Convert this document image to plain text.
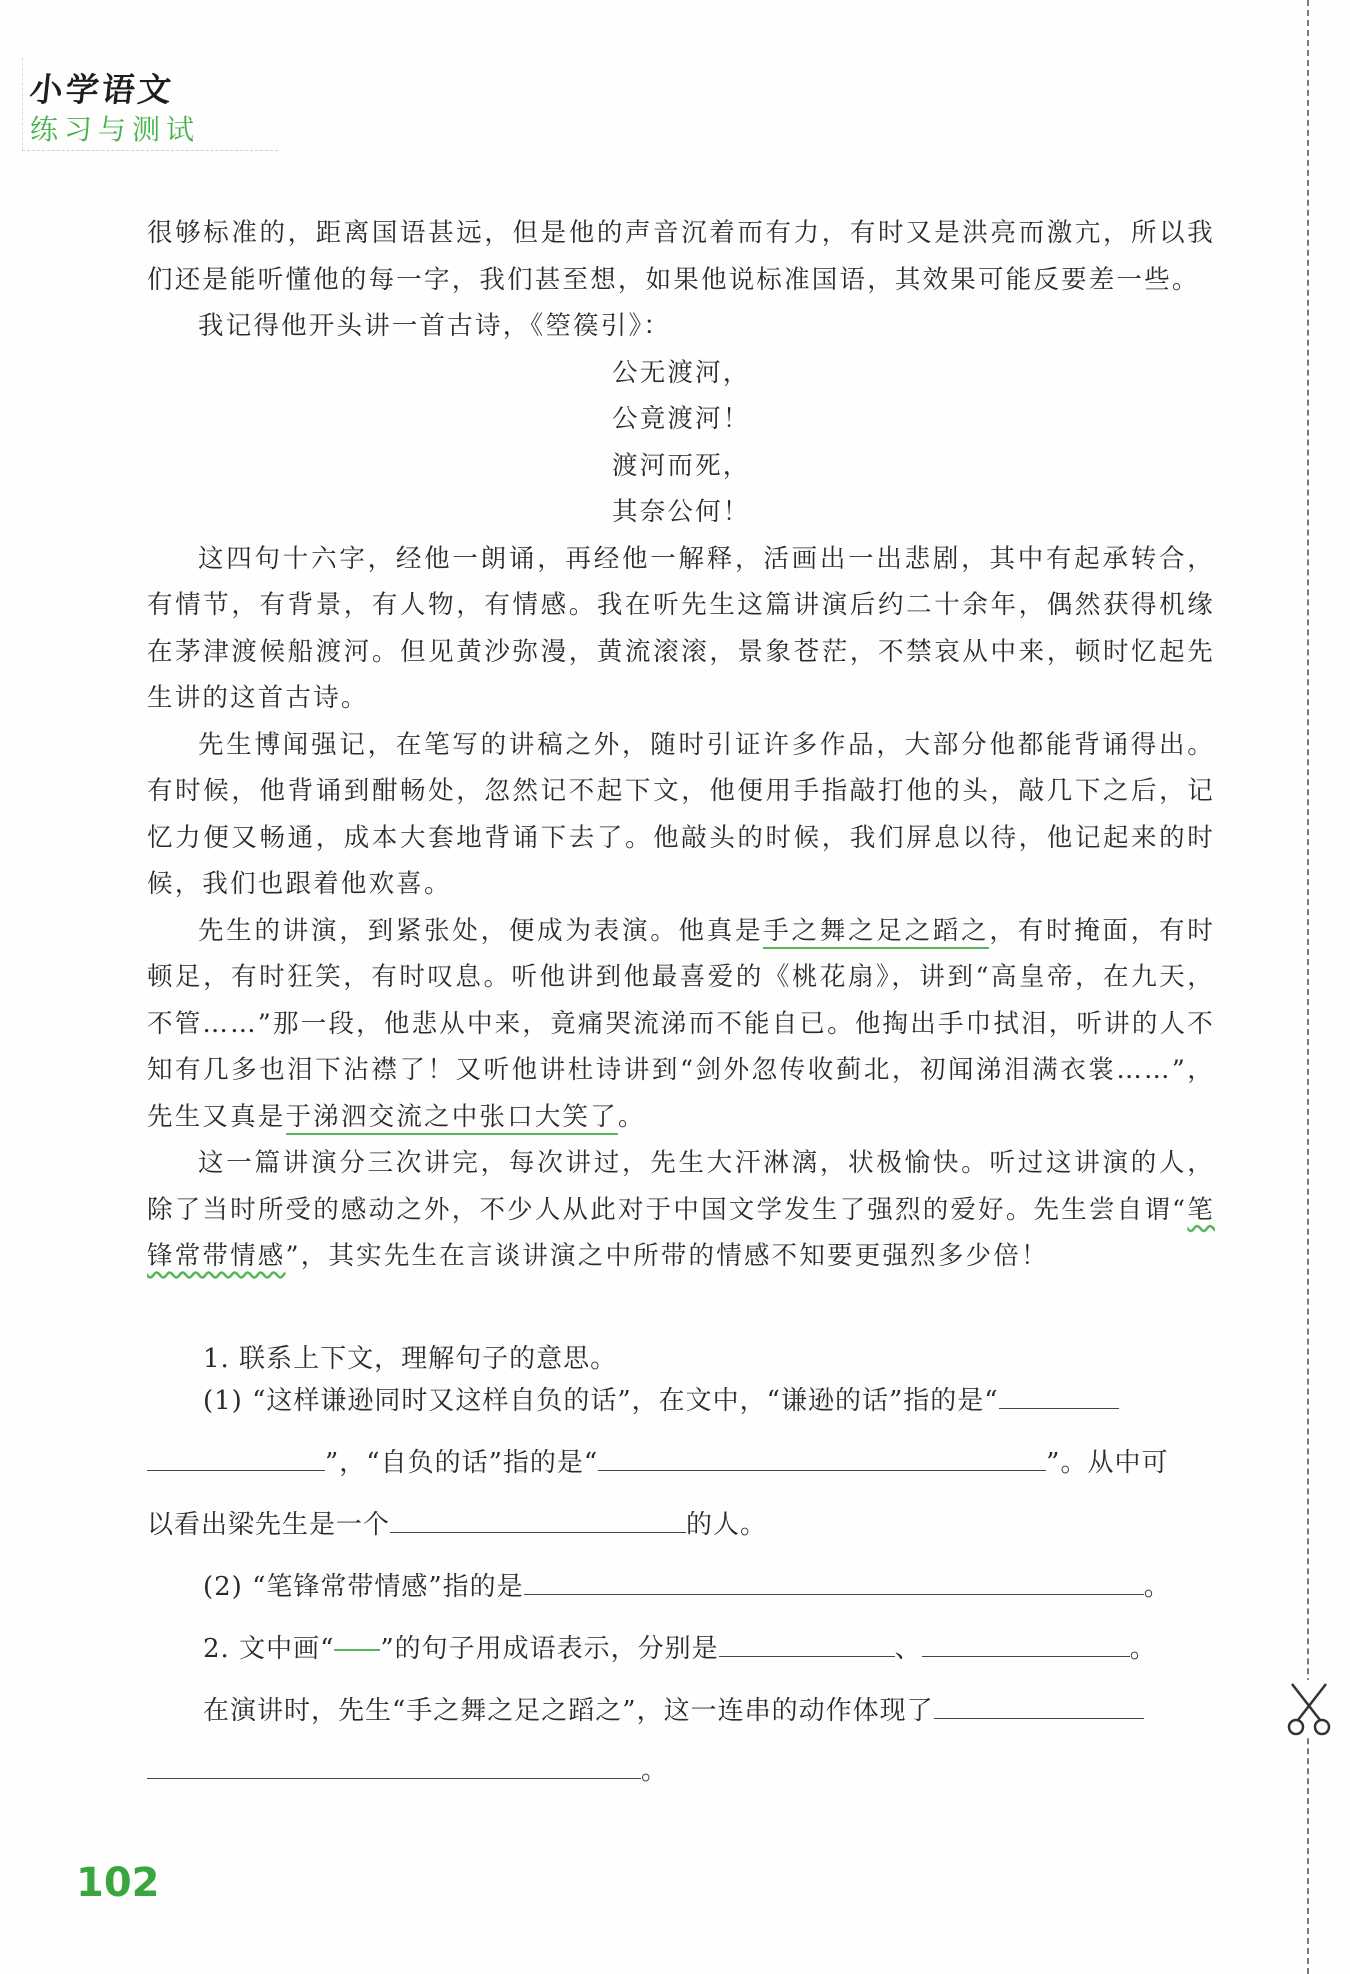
小学语文
练习与测试

很够标准的，距离国语甚远，但是他的声音沉着而有力，有时又是洪亮而激亢，所以我们还是能听懂他的每一字，我们甚至想，如果他说标准国语，其效果可能反要差一些。

我记得他开头讲一首古诗，《箜篌引》：

公无渡河，
公竟渡河！
渡河而死，
其奈公何！

这四句十六字，经他一朗诵，再经他一解释，活画出一出悲剧，其中有起承转合，有情节，有背景，有人物，有情感。我在听先生这篇讲演后约二十余年，偶然获得机缘在茅津渡候船渡河。但见黄沙弥漫，黄流滚滚，景象苍茫，不禁哀从中来，顿时忆起先生讲的这首古诗。

先生博闻强记，在笔写的讲稿之外，随时引证许多作品，大部分他都能背诵得出。有时候，他背诵到酣畅处，忽然记不起下文，他便用手指敲打他的头，敲几下之后，记忆力便又畅通，成本大套地背诵下去了。他敲头的时候，我们屏息以待，他记起来的时候，我们也跟着他欢喜。

先生的讲演，到紧张处，便成为表演。他真是手之舞之足之蹈之，有时掩面，有时顿足，有时狂笑，有时叹息。听他讲到他最喜爱的《桃花扇》，讲到“高皇帝，在九天，不管……”那一段，他悲从中来，竟痛哭流涕而不能自已。他掏出手巾拭泪，听讲的人不知有几多也泪下沾襟了！又听他讲杜诗讲到“剑外忽传收蓟北，初闻涕泪满衣裳……”，先生又真是于涕泗交流之中张口大笑了。

这一篇讲演分三次讲完，每次讲过，先生大汗淋漓，状极愉快。听过这讲演的人，除了当时所受的感动之外，不少人从此对于中国文学发生了强烈的爱好。先生尝自谓“笔锋常带情感”，其实先生在言谈讲演之中所带的情感不知要更强烈多少倍！

1. 联系上下文，理解句子的意思。
(1) “这样谦逊同时又这样自负的话”，在文中，“谦逊的话”指的是“
”，“自负的话”指的是“	”。从中可
以看出梁先生是一个	的人。
(2) “笔锋常带情感”指的是	。
2. 文中画“ ”的句子用成语表示，分别是	、	。
在演讲时，先生“手之舞之足之蹈之”，这一连串的动作体现了
。
102
